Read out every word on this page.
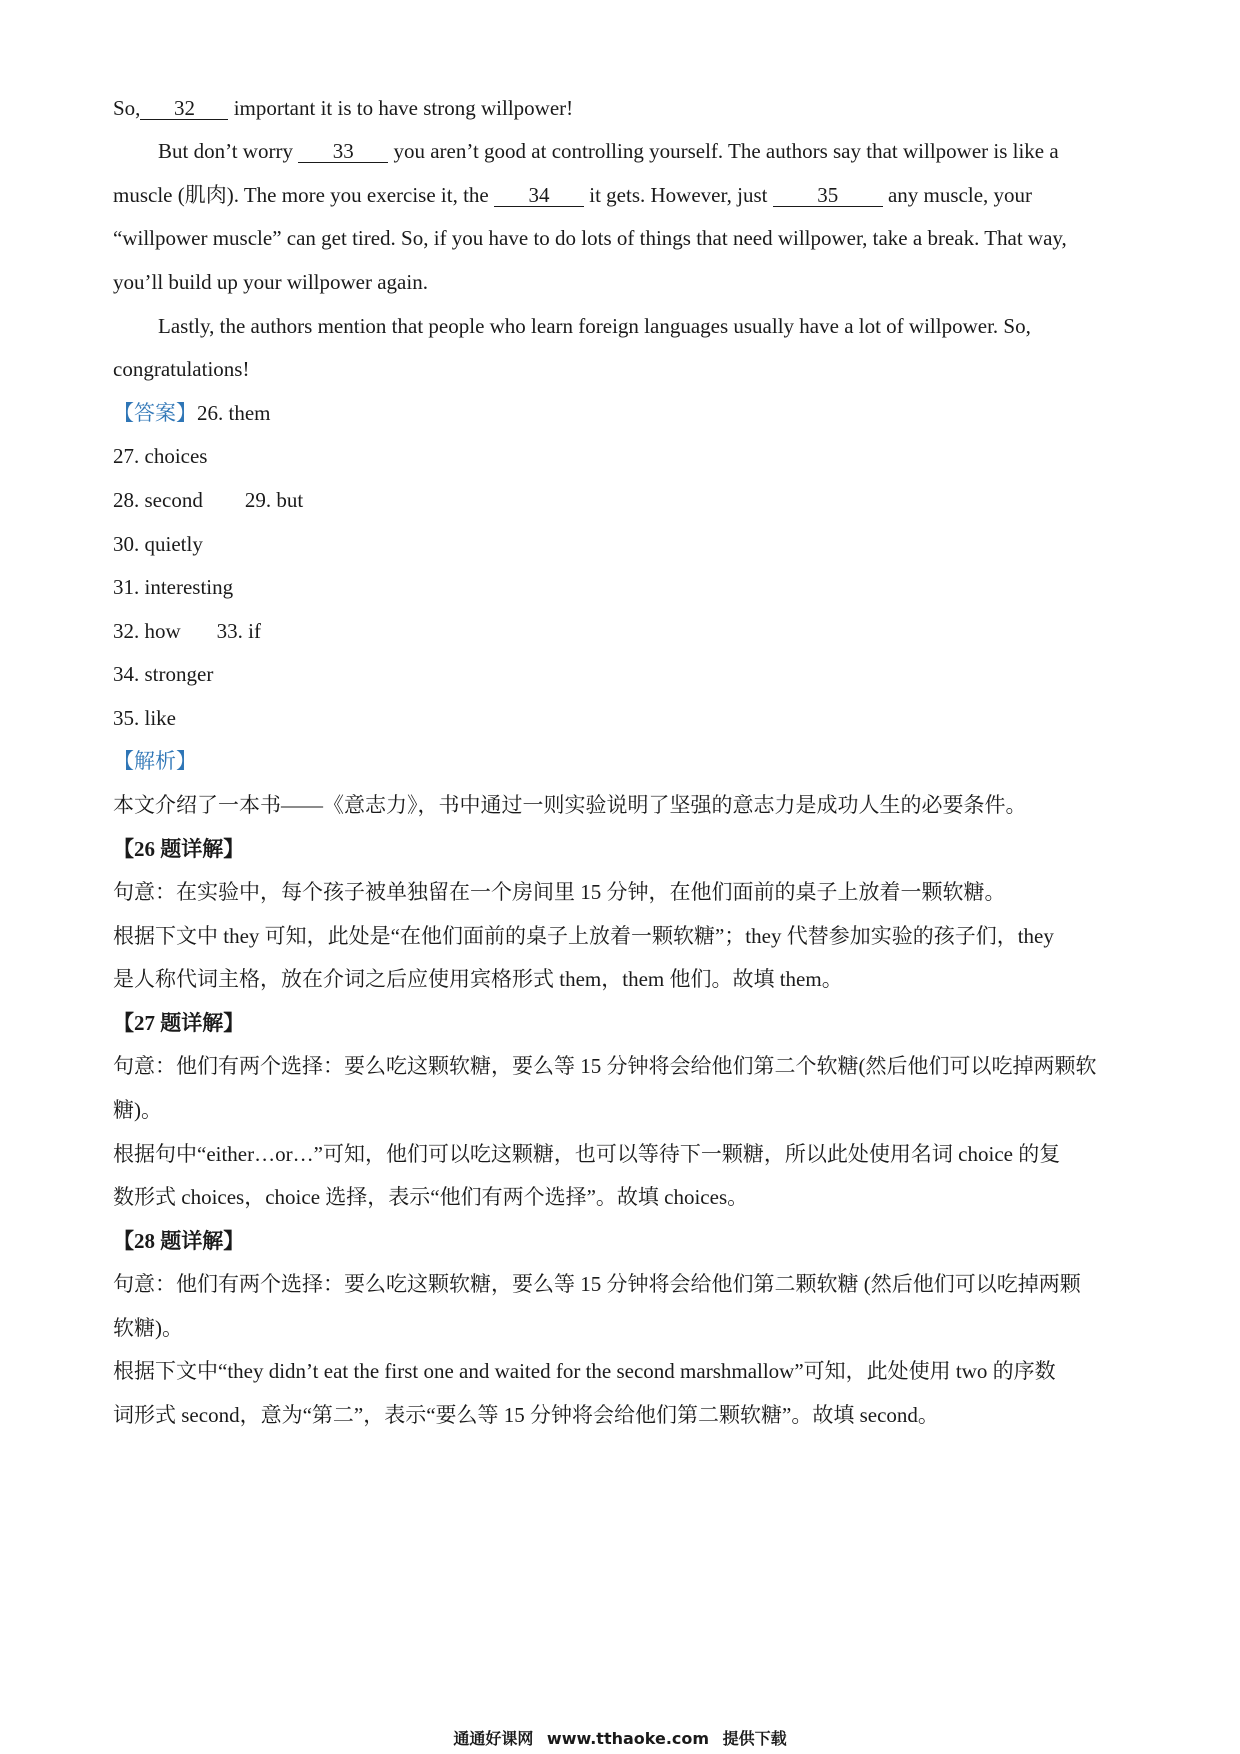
So, 32 important it is to have strong willpower!
But don’t worry 33 you aren’t good at controlling yourself. The authors say that willpower is like a
muscle (肌肉). The more you exercise it, the 34 it gets. However, just 35 any muscle, your
“willpower muscle” can get tired. So, if you have to do lots of things that need willpower, take a break. That way,
you’ll build up your willpower again.
Lastly, the authors mention that people who learn foreign languages usually have a lot of willpower. So,
congratulations!
【答案】26. them
27. choices
28. second 29. but
30. quietly
31. interesting
32. how 33. if
34. stronger
35. like
【解析】
本文介绍了一本书——《意志力》，书中通过一则实验说明了坚强的意志力是成功人生的必要条件。
【26 题详解】
句意：在实验中，每个孩子被单独留在一个房间里 15 分钟，在他们面前的桌子上放着一颗软糖。
根据下文中 they 可知，此处是“在他们面前的桌子上放着一颗软糖”；they 代替参加实验的孩子们，they
是人称代词主格，放在介词之后应使用宾格形式 them，them 他们。故填 them。
【27 题详解】
句意：他们有两个选择：要么吃这颗软糖，要么等 15 分钟将会给他们第二个软糖(然后他们可以吃掉两颗软
糖)。
根据句中“either…or…”可知，他们可以吃这颗糖，也可以等待下一颗糖，所以此处使用名词 choice 的复
数形式 choices，choice 选择，表示“他们有两个选择”。故填 choices。
【28 题详解】
句意：他们有两个选择：要么吃这颗软糖，要么等 15 分钟将会给他们第二颗软糖 (然后他们可以吃掉两颗
软糖)。
根据下文中“they didn’t eat the first one and waited for the second marshmallow”可知，此处使用 two 的序数
词形式 second，意为“第二”，表示“要么等 15 分钟将会给他们第二颗软糖”。故填 second。
通通好课网 www.tthaoke.com 提供下载
